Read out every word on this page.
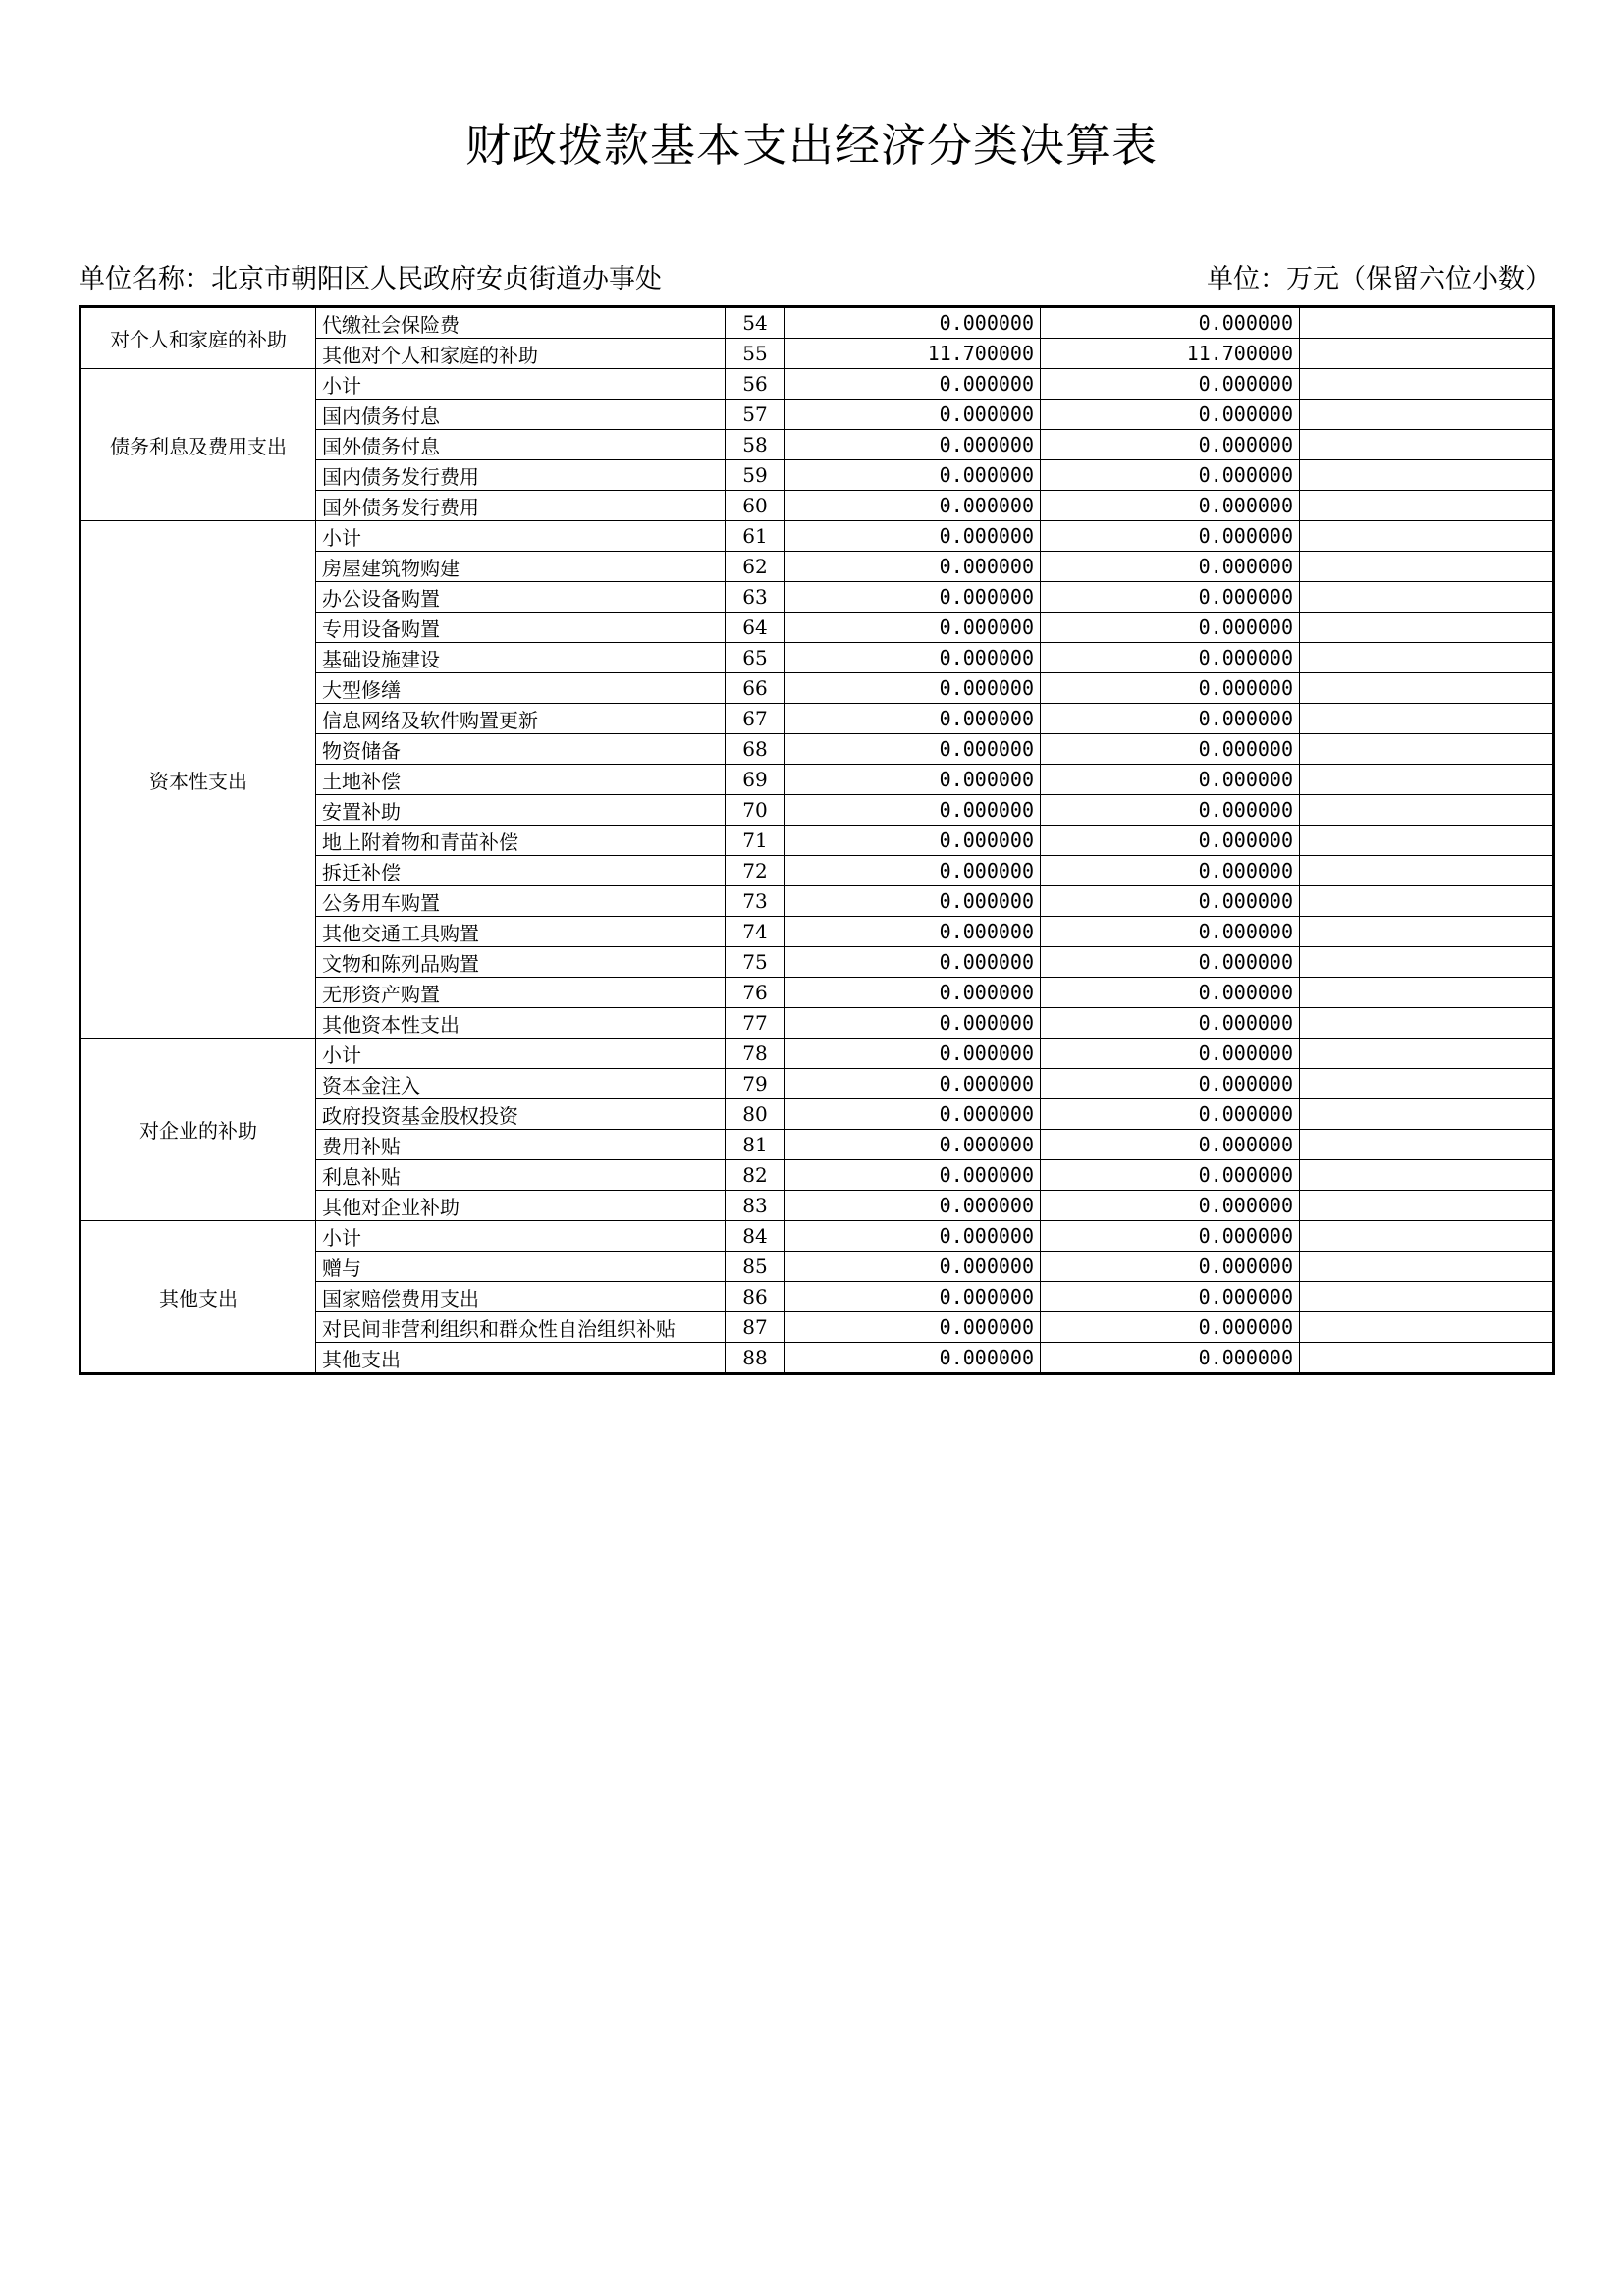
财政拨款基本支出经济分类决算表
单位名称：北京市朝阳区人民政府安贞街道办事处	单位：万元（保留六位小数）
对个人和家庭的补助	代缴社会保险费	54	0.000000	0.000000	
	其他对个人和家庭的补助	55	11.700000	11.700000	
债务利息及费用支出	小计	56	0.000000	0.000000	
	国内债务付息	57	0.000000	0.000000	
	国外债务付息	58	0.000000	0.000000	
	国内债务发行费用	59	0.000000	0.000000	
	国外债务发行费用	60	0.000000	0.000000	
资本性支出	小计	61	0.000000	0.000000	
	房屋建筑物购建	62	0.000000	0.000000	
	办公设备购置	63	0.000000	0.000000	
	专用设备购置	64	0.000000	0.000000	
	基础设施建设	65	0.000000	0.000000	
	大型修缮	66	0.000000	0.000000	
	信息网络及软件购置更新	67	0.000000	0.000000	
	物资储备	68	0.000000	0.000000	
	土地补偿	69	0.000000	0.000000	
	安置补助	70	0.000000	0.000000	
	地上附着物和青苗补偿	71	0.000000	0.000000	
	拆迁补偿	72	0.000000	0.000000	
	公务用车购置	73	0.000000	0.000000	
	其他交通工具购置	74	0.000000	0.000000	
	文物和陈列品购置	75	0.000000	0.000000	
	无形资产购置	76	0.000000	0.000000	
	其他资本性支出	77	0.000000	0.000000	
对企业的补助	小计	78	0.000000	0.000000	
	资本金注入	79	0.000000	0.000000	
	政府投资基金股权投资	80	0.000000	0.000000	
	费用补贴	81	0.000000	0.000000	
	利息补贴	82	0.000000	0.000000	
	其他对企业补助	83	0.000000	0.000000	
其他支出	小计	84	0.000000	0.000000	
	赠与	85	0.000000	0.000000	
	国家赔偿费用支出	86	0.000000	0.000000	
	对民间非营利组织和群众性自治组织补贴	87	0.000000	0.000000	
	其他支出	88	0.000000	0.000000	
